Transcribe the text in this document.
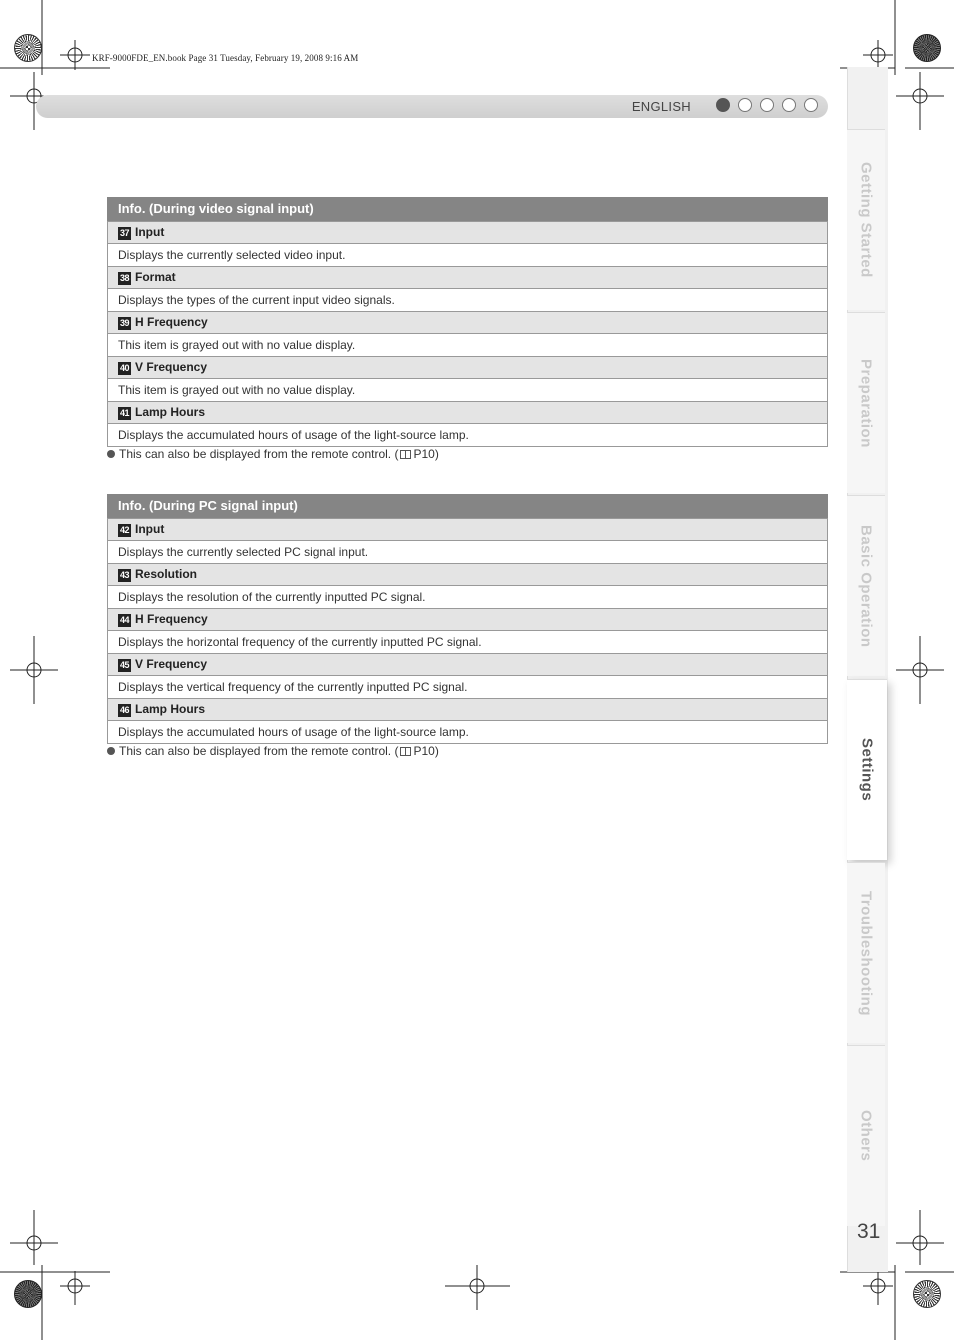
KRF-9000FDE_EN.book Page 31 Tuesday, February 19, 2008 9:16 AM
ENGLISH
Getting Started
Preparation
Basic Operation
Settings
Troubleshooting
Others
31
Info. (During video signal input)
37 Input
Displays the currently selected video input.
38 Format
Displays the types of the current input video signals.
39 H Frequency
This item is grayed out with no value display.
40 V Frequency
This item is grayed out with no value display.
41 Lamp Hours
Displays the accumulated hours of usage of the light-source lamp.
This can also be displayed from the remote control. ( P10)
Info. (During PC signal input)
42 Input
Displays the currently selected PC signal input.
43 Resolution
Displays the resolution of the currently inputted PC signal.
44 H Frequency
Displays the horizontal frequency of the currently inputted PC signal.
45 V Frequency
Displays the vertical frequency of the currently inputted PC signal.
46 Lamp Hours
Displays the accumulated hours of usage of the light-source lamp.
This can also be displayed from the remote control. ( P10)
